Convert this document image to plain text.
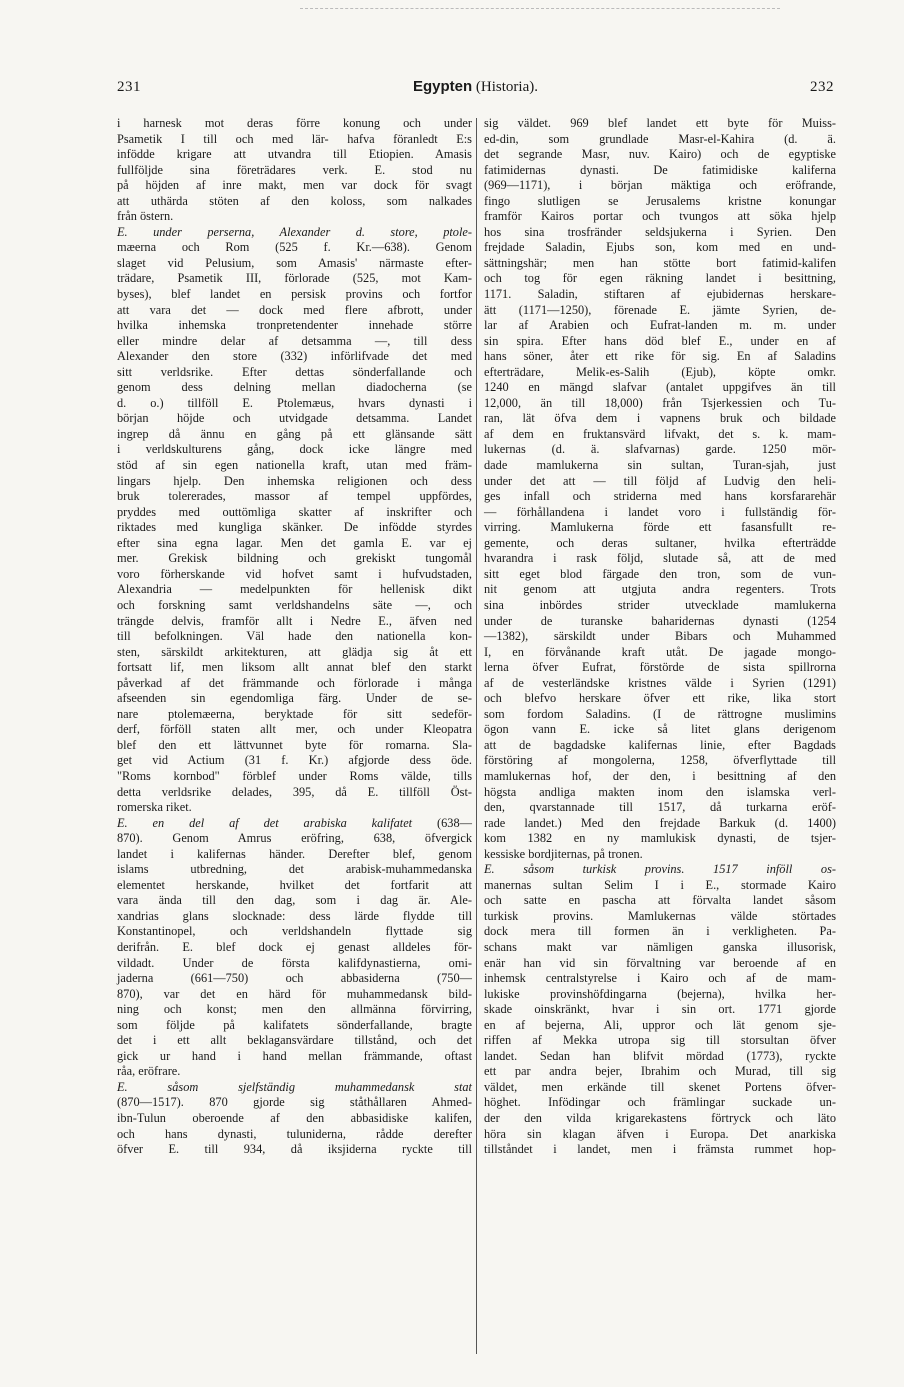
231	Egypten (Historia).	232
i harnesk mot deras förre konung och under
Psametik I till och med lär- hafva föranledt E:s
infödde krigare att utvandra till Etiopien. Amasis
fullföljde sina företrädares verk. E. stod nu
på höjden af inre makt, men var dock för svagt
att uthärda stöten af den koloss, som nalkades
från östern.
E. under perserna, Alexander d. store, ptole-
mæerna och Rom (525 f. Kr.—638). Genom
slaget vid Pelusium, som Amasis' närmaste efter-
trädare, Psametik III, förlorade (525, mot Kam-
byses), blef landet en persisk provins och fortfor
att vara det — dock med flere afbrott, under
hvilka inhemska tronpretendenter innehade större
eller mindre delar af detsamma —, till dess
Alexander den store (332) införlifvade det med
sitt verldsrike. Efter dettas sönderfallande och
genom dess delning mellan diadocherna (se
d. o.) tillföll E. Ptolemæus, hvars dynasti i
början höjde och utvidgade detsamma. Landet
ingrep då ännu en gång på ett glänsande sätt
i verldskulturens gång, dock icke längre med
stöd af sin egen nationella kraft, utan med främ-
lingars hjelp. Den inhemska religionen och dess
bruk tolererades, massor af tempel uppfördes,
pryddes med outtömliga skatter af inskrifter och
riktades med kungliga skänker. De infödde styrdes
efter sina egna lagar. Men det gamla E. var ej
mer. Grekisk bildning och grekiskt tungomål
voro förherskande vid hofvet samt i hufvudstaden,
Alexandria — medelpunkten för hellenisk dikt
och forskning samt verldshandelns säte —, och
trängde delvis, framför allt i Nedre E., äfven ned
till befolkningen. Väl hade den nationella kon-
sten, särskildt arkitekturen, att glädja sig åt ett
fortsatt lif, men liksom allt annat blef den starkt
påverkad af det främmande och förlorade i många
afseenden sin egendomliga färg. Under de se-
nare ptolemæerna, beryktade för sitt sedeför-
derf, förföll staten allt mer, och under Kleopatra
blef den ett lättvunnet byte för romarna. Sla-
get vid Actium (31 f. Kr.) afgjorde dess öde.
"Roms kornbod" förblef under Roms välde, tills
detta verldsrike delades, 395, då E. tillföll Öst-
romerska riket.
E. en del af det arabiska kalifatet (638—
870). Genom Amrus eröfring, 638, öfvergick
landet i kalifernas händer. Derefter blef, genom
islams utbredning, det arabisk-muhammedanska
elementet herskande, hvilket det fortfarit att
vara ända till den dag, som i dag är. Ale-
xandrias glans slocknade: dess lärde flydde till
Konstantinopel, och verldshandeln flyttade sig
derifrån. E. blef dock ej genast alldeles för-
vildadt. Under de första kalifdynastierna, omi-
jaderna (661—750) och abbasiderna (750—
870), var det en härd för muhammedansk bild-
ning och konst; men den allmänna förvirring,
som följde på kalifatets sönderfallande, bragte
det i ett allt beklagansvärdare tillstånd, och det
gick ur hand i hand mellan främmande, oftast
råa, eröfrare.
E. såsom sjelfständig muhammedansk stat
(870—1517). 870 gjorde sig ståthållaren Ahmed-
ibn-Tulun oberoende af den abbasidiske kalifen,
och hans dynasti, tuluniderna, rådde derefter
öfver E. till 934, då iksjiderna ryckte till
sig väldet. 969 blef landet ett byte för Muiss-
ed-din, som grundlade Masr-el-Kahira (d. ä.
det segrande Masr, nuv. Kairo) och de egyptiske
fatimidernas dynasti. De fatimidiske kaliferna
(969—1171), i början mäktiga och eröfrande,
fingo slutligen se Jerusalems kristne konungar
framför Kairos portar och tvungos att söka hjelp
hos sina trosfränder seldsjukerna i Syrien. Den
frejdade Saladin, Ejubs son, kom med en und-
sättningshär; men han stötte bort fatimid-kalifen
och tog för egen räkning landet i besittning,
1171. Saladin, stiftaren af ejubidernas herskare-
ätt (1171—1250), förenade E. jämte Syrien, de-
lar af Arabien och Eufrat-landen m. m. under
sin spira. Efter hans död blef E., under en af
hans söner, åter ett rike för sig. En af Saladins
efterträdare, Melik-es-Salih (Ejub), köpte omkr.
1240 en mängd slafvar (antalet uppgifves än till
12,000, än till 18,000) från Tsjerkessien och Tu-
ran, lät öfva dem i vapnens bruk och bildade
af dem en fruktansvärd lifvakt, det s. k. mam-
lukernas (d. ä. slafvarnas) garde. 1250 mör-
dade mamlukerna sin sultan, Turan-sjah, just
under det att — till följd af Ludvig den heli-
ges infall och striderna med hans korsfararehär
— förhållandena i landet voro i fullständig för-
virring. Mamlukerna förde ett fasansfullt re-
gemente, och deras sultaner, hvilka efterträdde
hvarandra i rask följd, slutade så, att de med
sitt eget blod färgade den tron, som de vun-
nit genom att utgjuta andra regenters. Trots
sina inbördes strider utvecklade mamlukerna
under de turanske baharidernas dynasti (1254
—1382), särskildt under Bibars och Muhammed
I, en förvånande kraft utåt. De jagade mongo-
lerna öfver Eufrat, förstörde de sista spillrorna
af de vesterländske kristnes välde i Syrien (1291)
och blefvo herskare öfver ett rike, lika stort
som fordom Saladins. (I de rättrogne muslimins
ögon vann E. icke så litet glans derigenom
att de bagdadske kalifernas linie, efter Bagdads
förstöring af mongolerna, 1258, öfverflyttade till
mamlukernas hof, der den, i besittning af den
högsta andliga makten inom den islamska verl-
den, qvarstannade till 1517, då turkarna eröf-
rade landet.) Med den frejdade Barkuk (d. 1400)
kom 1382 en ny mamlukisk dynasti, de tsjer-
kessiske bordjiternas, på tronen.
E. såsom turkisk provins. 1517 inföll os-
manernas sultan Selim I i E., stormade Kairo
och satte en pascha att förvalta landet såsom
turkisk provins. Mamlukernas välde störtades
dock mera till formen än i verkligheten. Pa-
schans makt var nämligen ganska illusorisk,
enär han vid sin förvaltning var beroende af en
inhemsk centralstyrelse i Kairo och af de mam-
lukiske provinshöfdingarna (bejerna), hvilka her-
skade oinskränkt, hvar i sin ort. 1771 gjorde
en af bejerna, Ali, uppror och lät genom sje-
riffen af Mekka utropa sig till storsultan öfver
landet. Sedan han blifvit mördad (1773), ryckte
ett par andra bejer, Ibrahim och Murad, till sig
väldet, men erkände till skenet Portens öfver-
höghet. Infödingar och främlingar suckade un-
der den vilda krigarekastens förtryck och läto
höra sin klagan äfven i Europa. Det anarkiska
tillståndet i landet, men i främsta rummet hop-
